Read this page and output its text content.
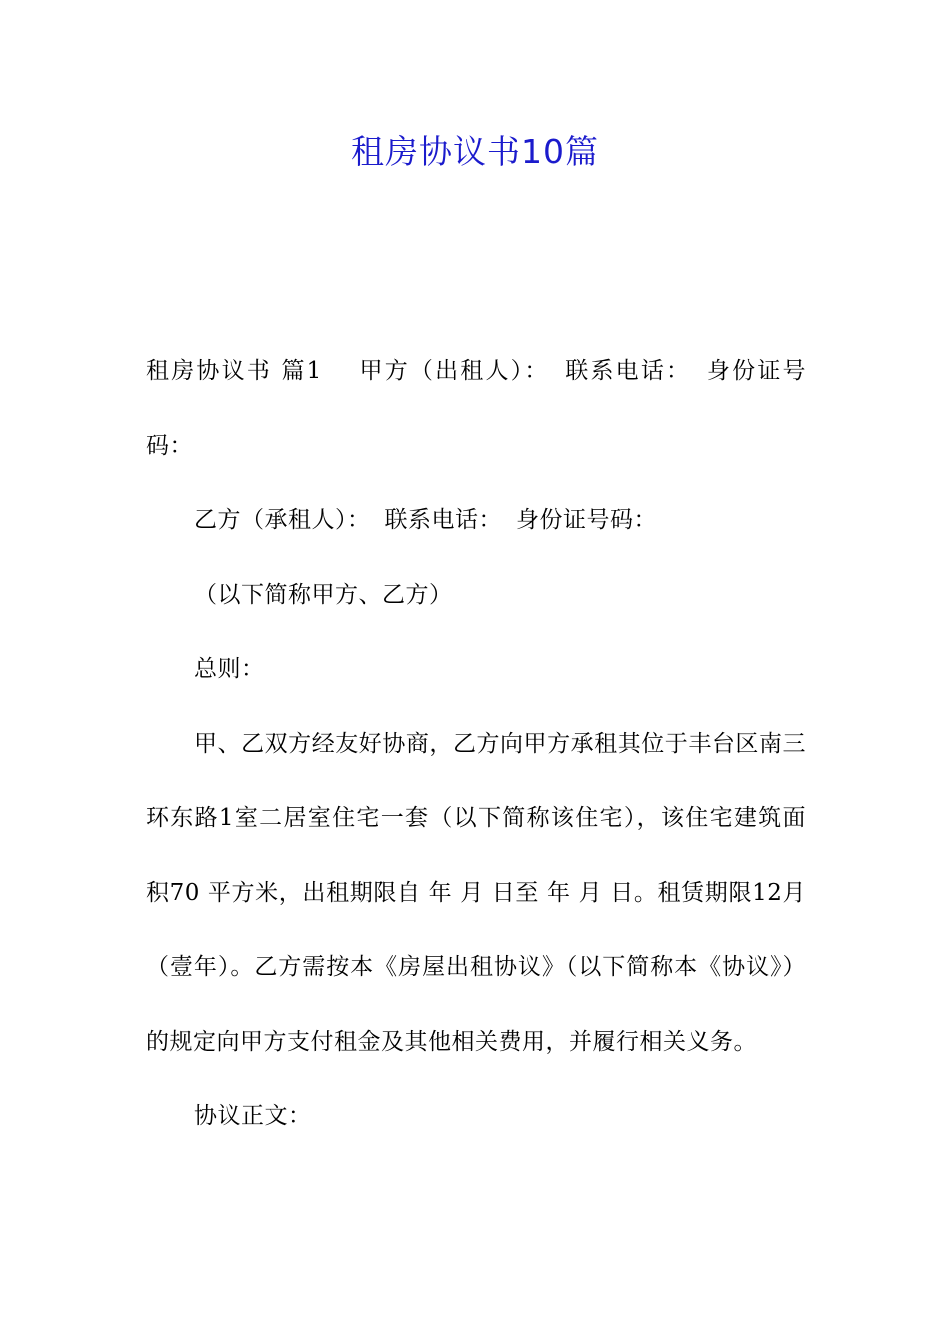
租房协议书10篇

租房协议书 篇1 甲方（出租人）： 联系电话： 身份证号码：

乙方（承租人）： 联系电话： 身份证号码：

（以下简称甲方、乙方）

总则：

甲、乙双方经友好协商，乙方向甲方承租其位于丰台区南三环东路1室二居室住宅一套（以下简称该住宅），该住宅建筑面积70 平方米，出租期限自 年 月 日至 年 月 日。租赁期限12月（壹年）。乙方需按本《房屋出租协议》（以下简称本《协议》）的规定向甲方支付租金及其他相关费用，并履行相关义务。

协议正文：
